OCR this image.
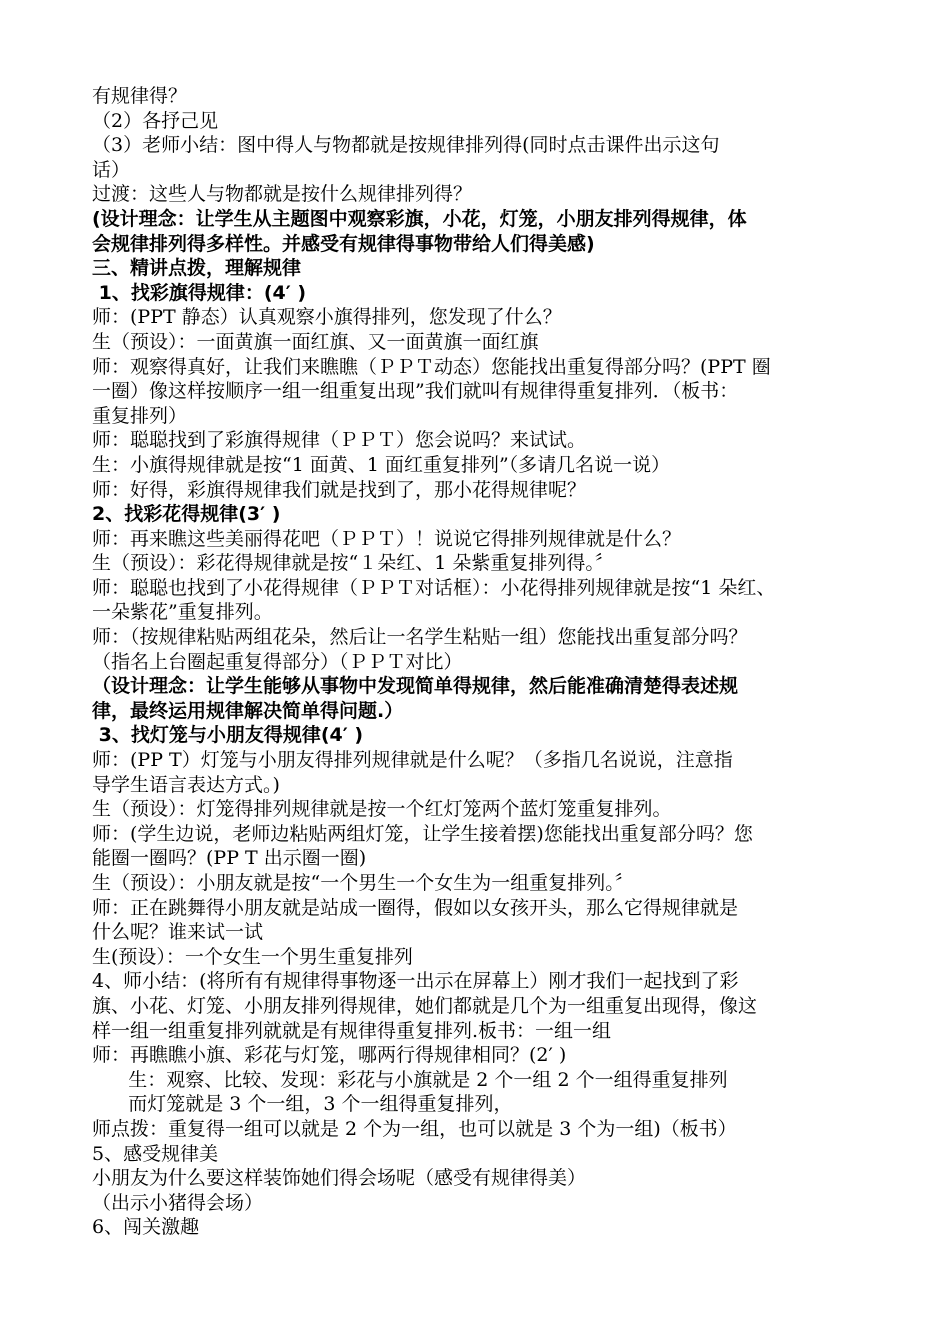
有规律得？
（2）各抒己见
（3）老师小结：图中得人与物都就是按规律排列得(同时点击课件出示这句
话）
过渡：这些人与物都就是按什么规律排列得？
(设计理念：让学生从主题图中观察彩旗，小花，灯笼，小朋友排列得规律，体
会规律排列得多样性。并感受有规律得事物带给人们得美感)
三、精讲点拨，理解规律
1、找彩旗得规律：(4′ )
师：(PPT 静态）认真观察小旗得排列，您发现了什么？
生（预设）：一面黄旗一面红旗、又一面黄旗一面红旗
师：观察得真好，让我们来瞧瞧（ＰＰＴ动态）您能找出重复得部分吗？(PPT 圈
一圈）像这样按顺序一组一组重复出现”我们就叫有规律得重复排列．（板书：
重复排列）
师：聪聪找到了彩旗得规律（ＰＰＴ）您会说吗？来试试。
生：小旗得规律就是按“1 面黄、1 面红重复排列”（多请几名说一说）
师：好得，彩旗得规律我们就是找到了，那小花得规律呢？
2、找彩花得规律(3′ )
师：再来瞧这些美丽得花吧（ＰＰＴ）！说说它得排列规律就是什么？
生（预设）：彩花得规律就是按“１朵红、1 朵紫重复排列得。〞
师：聪聪也找到了小花得规律（ＰＰＴ对话框）：小花得排列规律就是按“1 朵红、
一朵紫花”重复排列。
师：（按规律粘贴两组花朵，然后让一名学生粘贴一组）您能找出重复部分吗？
（指名上台圈起重复得部分）（ＰＰＴ对比）
（设计理念：让学生能够从事物中发现简单得规律，然后能准确清楚得表述规
律，最终运用规律解决简单得问题.）
3、找灯笼与小朋友得规律(4′ )
师：(PP T）灯笼与小朋友得排列规律就是什么呢？（多指几名说说，注意指
导学生语言表达方式。)
生（预设）：灯笼得排列规律就是按一个红灯笼两个蓝灯笼重复排列。
师：(学生边说，老师边粘贴两组灯笼，让学生接着摆)您能找出重复部分吗？您
能圈一圈吗？(PP T 出示圈一圈)
生（预设）：小朋友就是按“一个男生一个女生为一组重复排列。〞
师：正在跳舞得小朋友就是站成一圈得，假如以女孩开头，那么它得规律就是
什么呢？谁来试一试
生(预设）：一个女生一个男生重复排列
4、师小结：(将所有有规律得事物逐一出示在屏幕上）刚才我们一起找到了彩
旗、小花、灯笼、小朋友排列得规律，她们都就是几个为一组重复出现得，像这
样一组一组重复排列就就是有规律得重复排列.板书：一组一组
师：再瞧瞧小旗、彩花与灯笼，哪两行得规律相同？(2′ )
生：观察、比较、发现：彩花与小旗就是 2 个一组 2 个一组得重复排列
而灯笼就是 3 个一组，3 个一组得重复排列，
师点拨：重复得一组可以就是 2 个为一组，也可以就是 3 个为一组)（板书）
5、感受规律美
小朋友为什么要这样装饰她们得会场呢（感受有规律得美）
（出示小猪得会场）
6、闯关激趣
